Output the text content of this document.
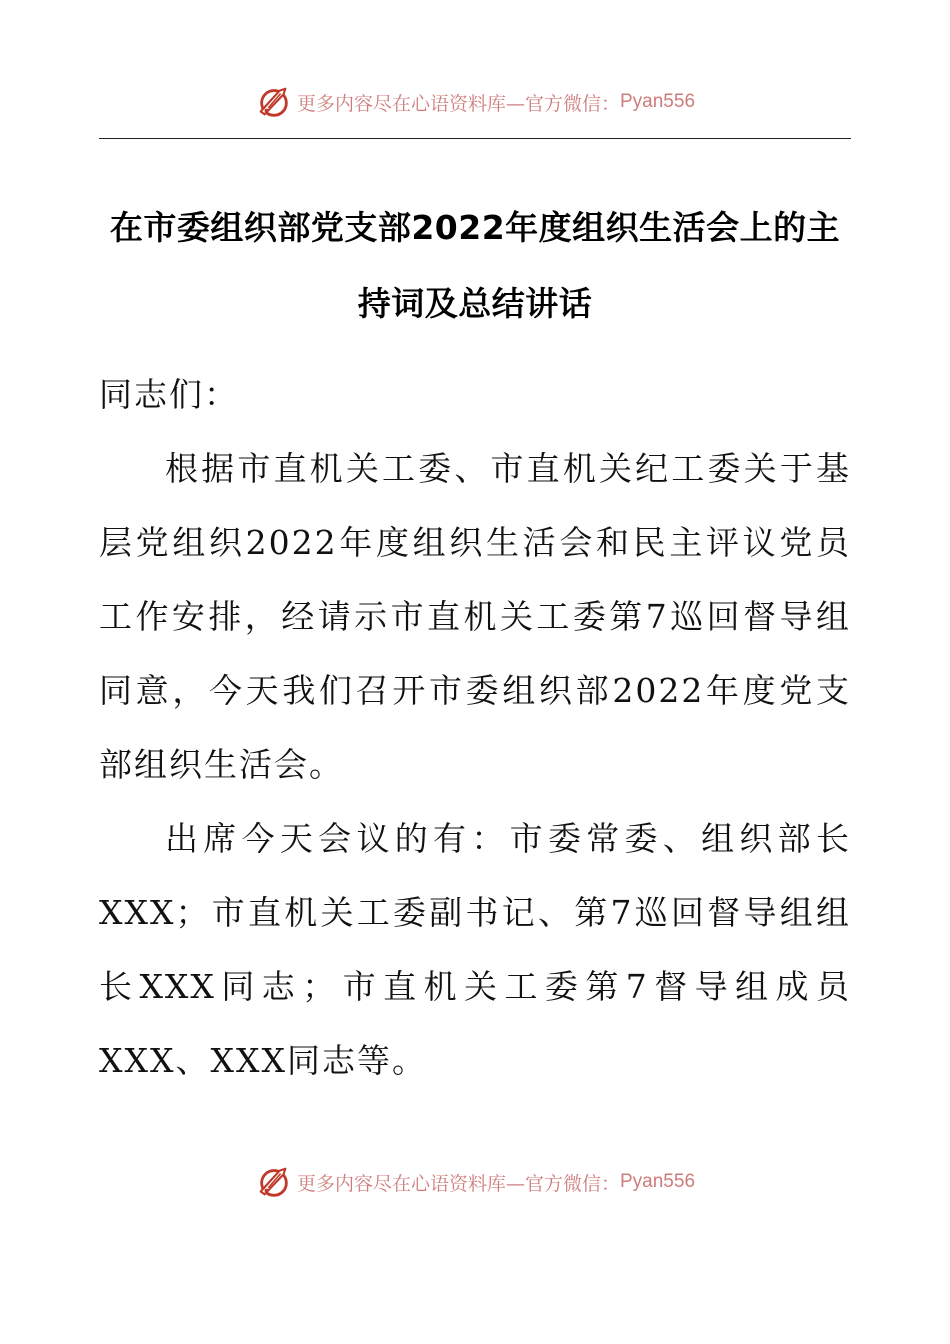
更多内容尽在心语资料库—官方微信： Pyan556
在市委组织部党支部2022年度组织生活会上的主持词及总结讲话

同志们：

根据市直机关工委、市直机关纪工委关于基层党组织2022年度组织生活会和民主评议党员工作安排，经请示市直机关工委第7巡回督导组同意，今天我们召开市委组织部2022年度党支部组织生活会。

出席今天会议的有：市委常委、组织部长XXX；市直机关工委副书记、第7巡回督导组组长XXX同志；市直机关工委第7督导组成员XXX、XXX同志等。

更多内容尽在心语资料库—官方微信： Pyan556
